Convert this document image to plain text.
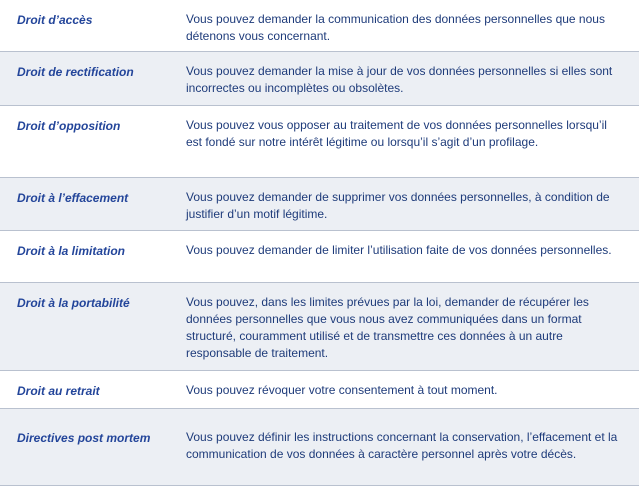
Droit d’accès	Vous pouvez demander la communication des données personnelles que nous détenons vous concernant.
Droit de rectification	Vous pouvez demander la mise à jour de vos données personnelles si elles sont incorrectes ou incomplètes ou obsolètes.
Droit d’opposition	Vous pouvez vous opposer au traitement de vos données personnelles lorsqu’il est fondé sur notre intérêt légitime ou lorsqu’il s’agit d’un profilage.
Droit à l’effacement	Vous pouvez demander de supprimer vos données personnelles, à condition de justifier d’un motif légitime.
Droit à la limitation	Vous pouvez demander de limiter l’utilisation faite de vos données personnelles.
Droit à la portabilité	Vous pouvez, dans les limites prévues par la loi, demander de récupérer les données personnelles que vous nous avez communiquées dans un format structuré, couramment utilisé et de transmettre ces données à un autre responsable de traitement.
Droit au retrait	Vous pouvez révoquer votre consentement à tout moment.
Directives post mortem	Vous pouvez définir les instructions concernant la conservation, l’effacement et la communication de vos données à caractère personnel après votre décès.
